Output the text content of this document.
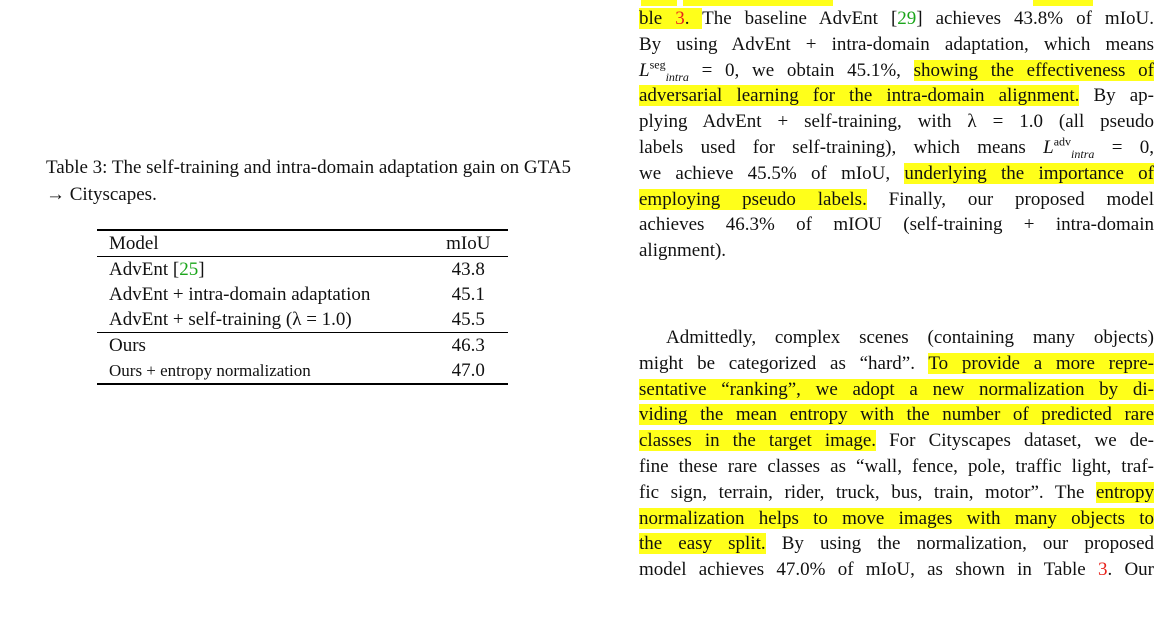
Table 3: The self-training and intra-domain adaptation gain on GTA5 → Cityscapes.
Model	mIoU
AdvEnt [25]	43.8
AdvEnt + intra-domain adaptation	45.1
AdvEnt + self-training (λ = 1.0)	45.5
Ours	46.3
Ours + entropy normalization	47.0
ble 3. The baseline AdvEnt [29] achieves 43.8% of mIoU.
By using AdvEnt + intra-domain adaptation, which means
$L^{seg}_{intra} = 0$, we obtain 45.1%, showing the effectiveness of
adversarial learning for the intra-domain alignment. By ap-
plying AdvEnt + self-training, with λ = 1.0 (all pseudo
labels used for self-training), which means $L^{adv}_{intra} = 0$,
we achieve 45.5% of mIoU, underlying the importance of
employing pseudo labels. Finally, our proposed model
achieves 46.3% of mIOU (self-training + intra-domain
alignment).
Admittedly, complex scenes (containing many objects)
might be categorized as “hard”. To provide a more repre-
sentative “ranking”, we adopt a new normalization by di-
viding the mean entropy with the number of predicted rare
classes in the target image. For Cityscapes dataset, we de-
fine these rare classes as “wall, fence, pole, traffic light, traf-
fic sign, terrain, rider, truck, bus, train, motor”. The entropy
normalization helps to move images with many objects to
the easy split. By using the normalization, our proposed
model achieves 47.0% of mIoU, as shown in Table 3. Our
